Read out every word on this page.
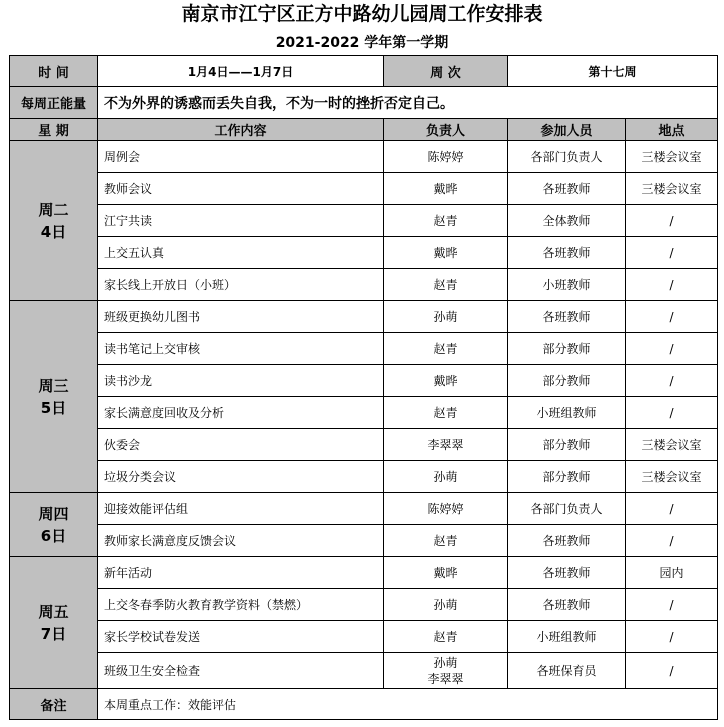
南京市江宁区正方中路幼儿园周工作安排表
2021-2022 学年第一学期
时 间	1月4日——1月7日	周 次	第十七周	
每周正能量	不为外界的诱惑而丢失自我，不为一时的挫折否定自己。			
星 期	工作内容	负责人	参加人员	地点

周二
4日	周例会	陈婷婷	各部门负责人	三楼会议室
	教师会议	戴晔	各班教师	三楼会议室
	江宁共读	赵青	全体教师	/
	上交五认真	戴晔	各班教师	/
	家长线上开放日（小班）	赵青	小班教师	/

周三
5日	班级更换幼儿图书	孙萌	各班教师	/
	读书笔记上交审核	赵青	部分教师	/
	读书沙龙	戴晔	部分教师	/
	家长满意度回收及分析	赵青	小班组教师	/
	伙委会	李翠翠	部分教师	三楼会议室
	垃圾分类会议	孙萌	部分教师	三楼会议室

周四
6日	迎接效能评估组	陈婷婷	各部门负责人	/
	教师家长满意度反馈会议	赵青	各班教师	/

周五
7日	新年活动	戴晔	各班教师	园内
	上交冬春季防火教育教学资料（禁燃）	孙萌	各班教师	/
	家长学校试卷发送	赵青	小班组教师	/
	班级卫生安全检查	孙萌
李翠翠	各班保育员	/
备注	本周重点工作：效能评估			
